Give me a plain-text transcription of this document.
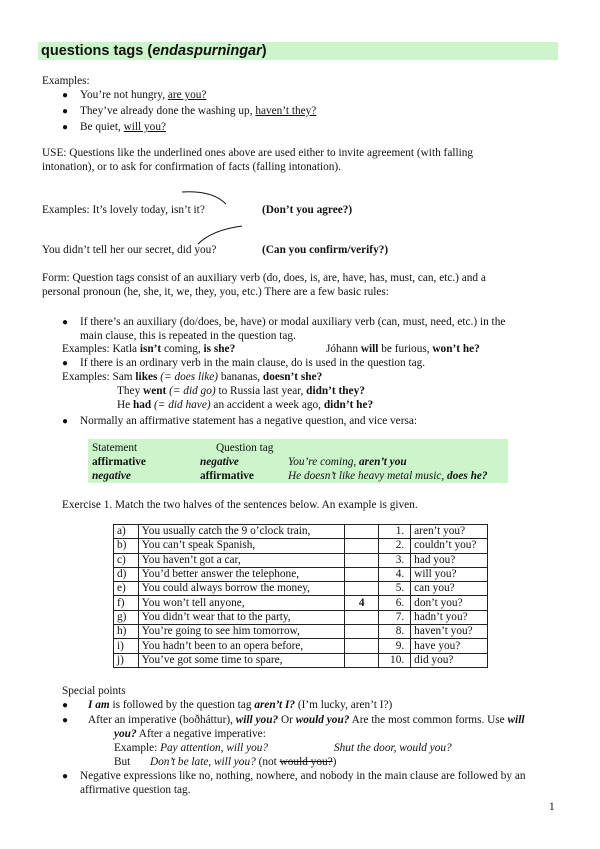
questions tags (endaspurningar)
Examples:
● You’re not hungry, are you?
● They’ve already done the washing up, haven’t they?
● Be quiet, will you?
USE: Questions like the underlined ones above are used either to invite agreement (with falling
intonation), or to ask for confirmation of facts (falling intonation).
Examples: It’s lovely today, isn’t it?	(Don’t you agree?)
You didn’t tell her our secret, did you?	(Can you confirm/verify?)
Form: Question tags consist of an auxiliary verb (do, does, is, are, have, has, must, can, etc.) and a
personal pronoun (he, she, it, we, they, you, etc.) There are a few basic rules:
● If there’s an auxiliary (do/does, be, have) or modal auxiliary verb (can, must, need, etc.) in the
main clause, this is repeated in the question tag.
Examples: Katla isn’t coming, is she?	Jóhann will be furious, won’t he?
● If there is an ordinary verb in the main clause, do is used in the question tag.
Examples: Sam likes (= does like) bananas, doesn’t she?
They went (= did go) to Russia last year, didn’t they?
He had (= did have) an accident a week ago, didn’t he?
● Normally an affirmative statement has a negative question, and vice versa:
Statement	Question tag
affirmative	negative	You’re coming, aren’t you
negative	affirmative	He doesn’t like heavy metal music, does he?
Exercise 1. Match the two halves of the sentences below. An example is given.
a)	You usually catch the 9 o’clock train,		1.	aren’t you?
b)	You can’t speak Spanish,		2.	couldn’t you?
c)	You haven’t got a car,		3.	had you?
d)	You’d better answer the telephone,		4.	will you?
e)	You could always borrow the money,		5.	can you?
f)	You won’t tell anyone,	4	6.	don’t you?
g)	You didn’t wear that to the party,		7.	hadn’t you?
h)	You’re going to see him tomorrow,		8.	haven’t you?
i)	You hadn’t been to an opera before,		9.	have you?
j)	You’ve got some time to spare,		10.	did you?
Special points
● I am is followed by the question tag aren’t I? (I’m lucky, aren’t I?)
● After an imperative (boðháttur), will you? Or would you? Are the most common forms. Use will
you? After a negative imperative:
Example: Pay attention, will you?	Shut the door, would you?
But Don’t be late, will you? (not would you?)
● Negative expressions like no, nothing, nowhere, and nobody in the main clause are followed by an
affirmative question tag.
1
